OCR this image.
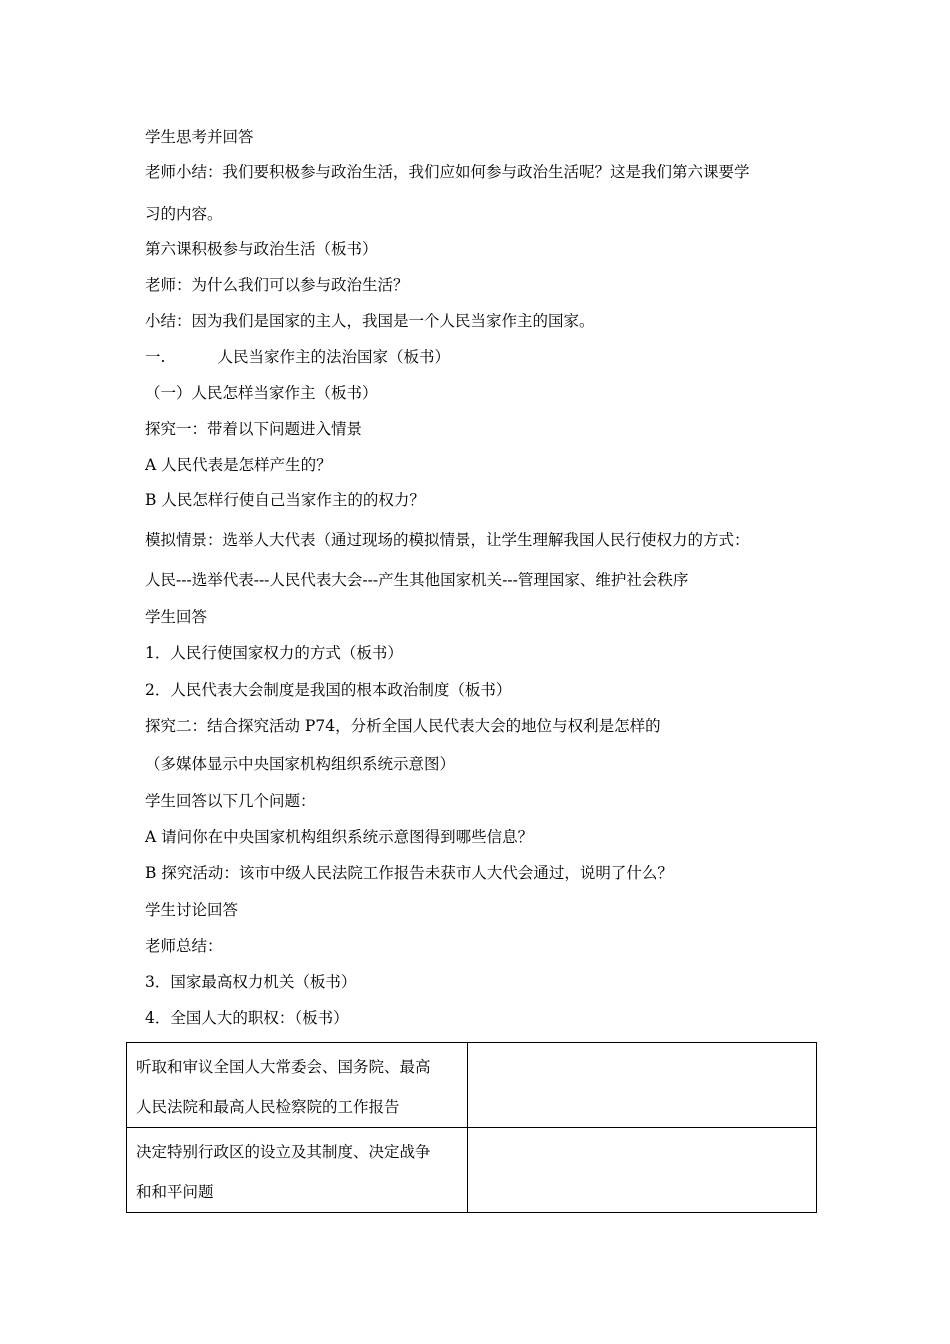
学生思考并回答
老师小结：我们要积极参与政治生活，我们应如何参与政治生活呢？这是我们第六课要学
习的内容。
第六课积极参与政治生活（板书）
老师：为什么我们可以参与政治生活？
小结：因为我们是国家的主人，我国是一个人民当家作主的国家。
一.	人民当家作主的法治国家（板书）
（一）人民怎样当家作主（板书）
探究一：带着以下问题进入情景
A 人民代表是怎样产生的？
B 人民怎样行使自己当家作主的的权力？
模拟情景：选举人大代表（通过现场的模拟情景，让学生理解我国人民行使权力的方式：
人民---选举代表---人民代表大会---产生其他国家机关---管理国家、维护社会秩序
学生回答
1．人民行使国家权力的方式（板书）
2．人民代表大会制度是我国的根本政治制度（板书）
探究二：结合探究活动 P74，分析全国人民代表大会的地位与权利是怎样的
（多媒体显示中央国家机构组织系统示意图）
学生回答以下几个问题：
A 请问你在中央国家机构组织系统示意图得到哪些信息？
B 探究活动：该市中级人民法院工作报告未获市人大代会通过，说明了什么？
学生讨论回答
老师总结：
3．国家最高权力机关（板书）
4．全国人大的职权：（板书）
听取和审议全国人大常委会、国务院、最高
人民法院和最高人民检察院的工作报告	

决定特别行政区的设立及其制度、决定战争
和和平问题	
